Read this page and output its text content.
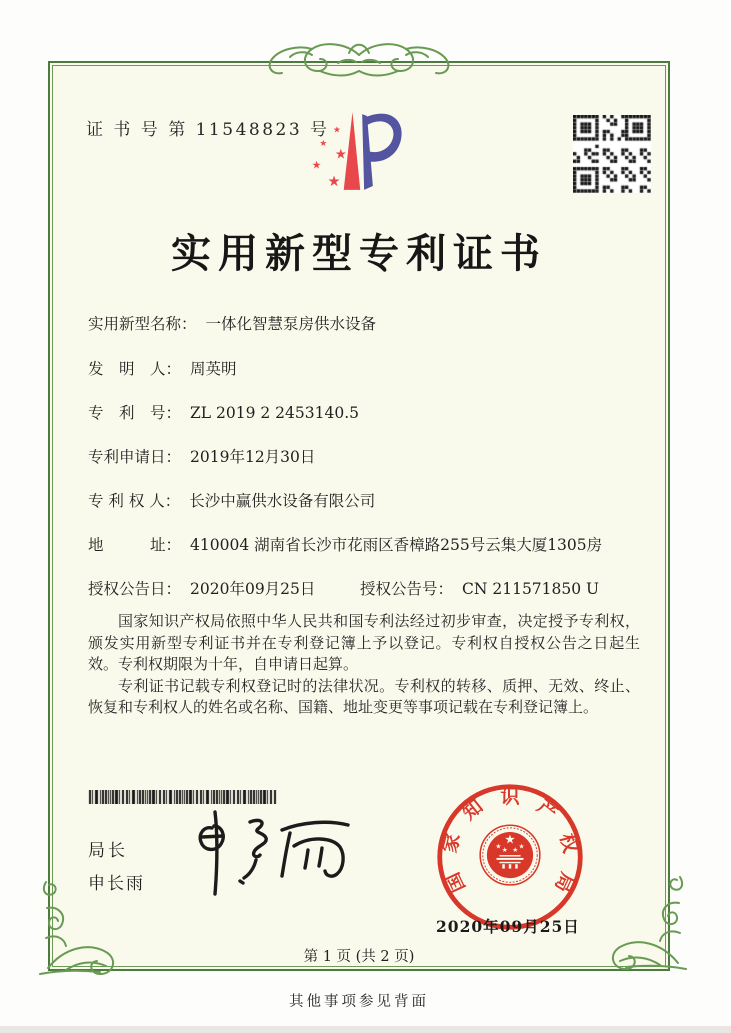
证 书 号 第 11548823 号 ★
★
★
★
★
实用新型专利证书
实用新型名称： 一体化智慧泵房供水设备
发　明　人： 周英明
专　利　号： ZL 2019 2 2453140.5
专利申请日： 2019年12月30日
专 利 权 人： 长沙中赢供水设备有限公司
地　　　址： 410004 湖南省长沙市花雨区香樟路255号云集大厦1305房
授权公告日： 2020年09月25日	授权公告号： CN 211571850 U

国家知识产权局依照中华人民共和国专利法经过初步审查，决定授予专利权，颁发实用新型专利证书并在专利登记簿上予以登记。专利权自授权公告之日起生效。专利权期限为十年，自申请日起算。

专利证书记载专利权登记时的法律状况。专利权的转移、质押、无效、终止、恢复和专利权人的姓名或名称、国籍、地址变更等事项记载在专利登记簿上。

局长
申长雨	国
家
知 识 产
权
局
★
★ ★ ★ ★
2020年09月25日
第 1 页 (共 2 页)
其他事项参见背面
